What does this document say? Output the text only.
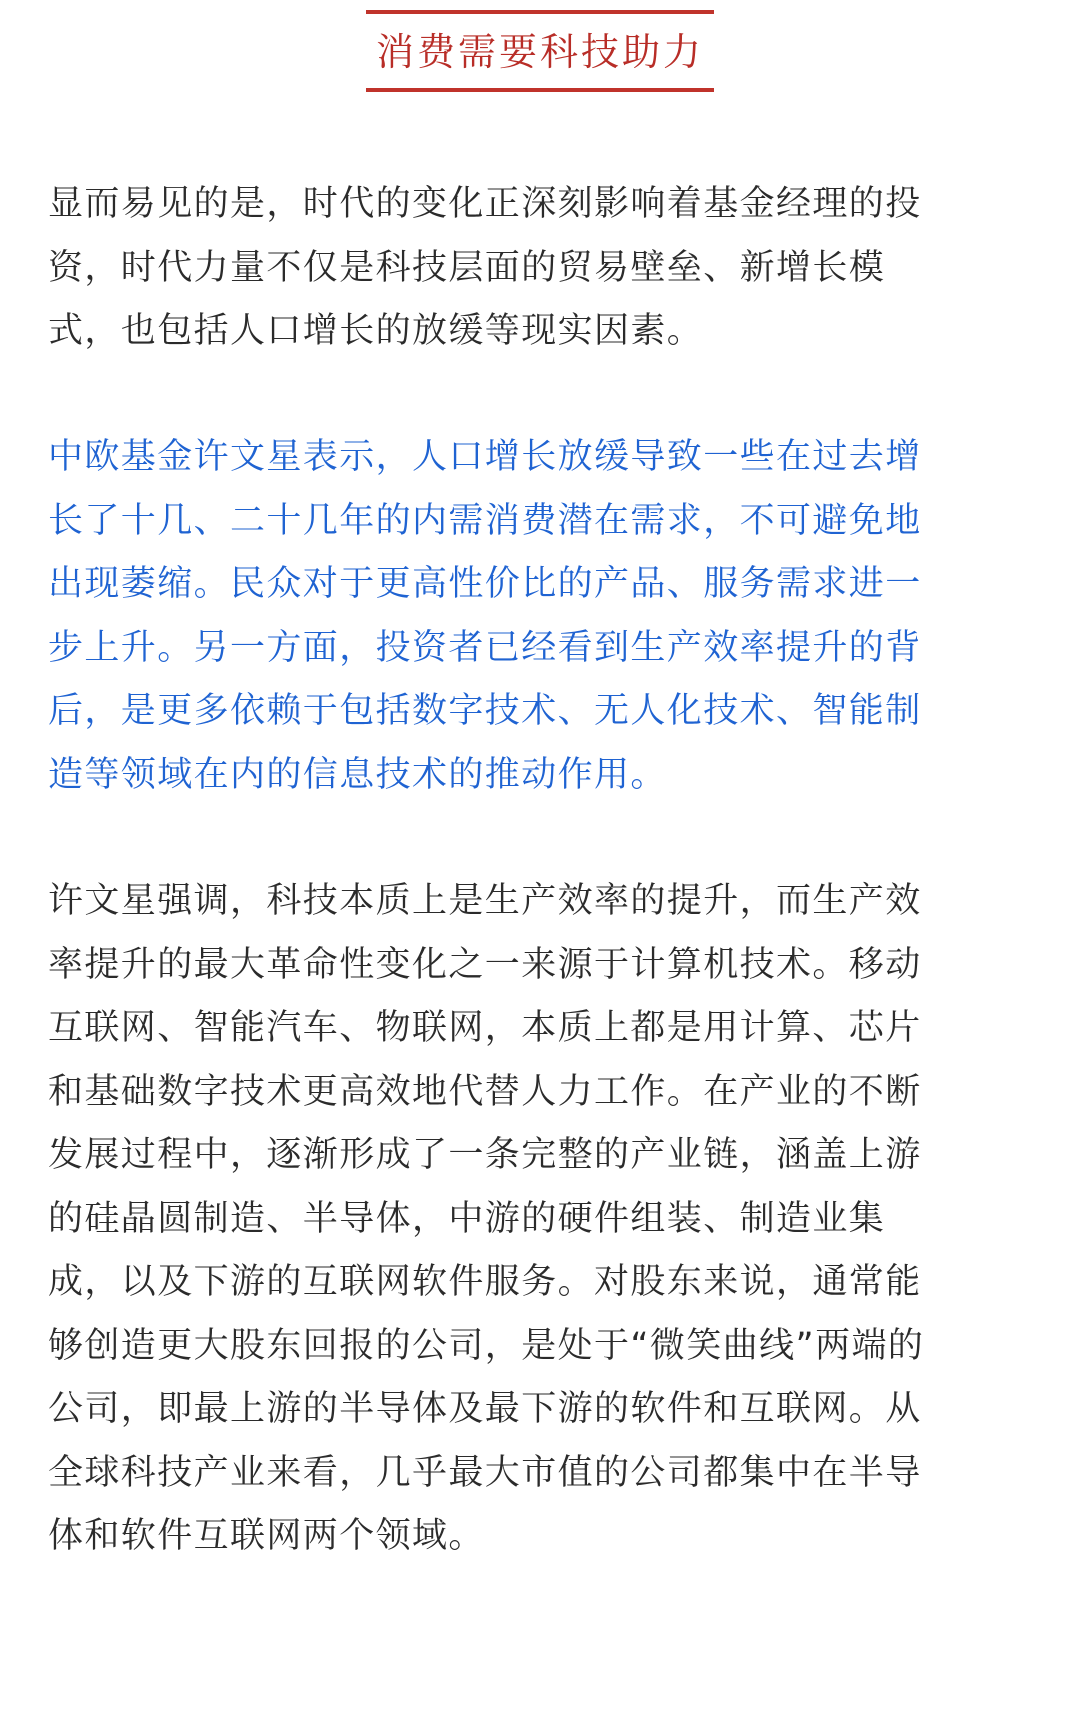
消费需要科技助力
显而易见的是，时代的变化正深刻影响着基金经理的投
资，时代力量不仅是科技层面的贸易壁垒、新增长模
式，也包括人口增长的放缓等现实因素。
中欧基金许文星表示，人口增长放缓导致一些在过去增
长了十几、二十几年的内需消费潜在需求，不可避免地
出现萎缩。民众对于更高性价比的产品、服务需求进一
步上升。另一方面，投资者已经看到生产效率提升的背
后，是更多依赖于包括数字技术、无人化技术、智能制
造等领域在内的信息技术的推动作用。
许文星强调，科技本质上是生产效率的提升，而生产效
率提升的最大革命性变化之一来源于计算机技术。移动
互联网、智能汽车、物联网，本质上都是用计算、芯片
和基础数字技术更高效地代替人力工作。在产业的不断
发展过程中，逐渐形成了一条完整的产业链，涵盖上游
的硅晶圆制造、半导体，中游的硬件组装、制造业集
成，以及下游的互联网软件服务。对股东来说，通常能
够创造更大股东回报的公司，是处于“微笑曲线”两端的
公司，即最上游的半导体及最下游的软件和互联网。从
全球科技产业来看，几乎最大市值的公司都集中在半导
体和软件互联网两个领域。
